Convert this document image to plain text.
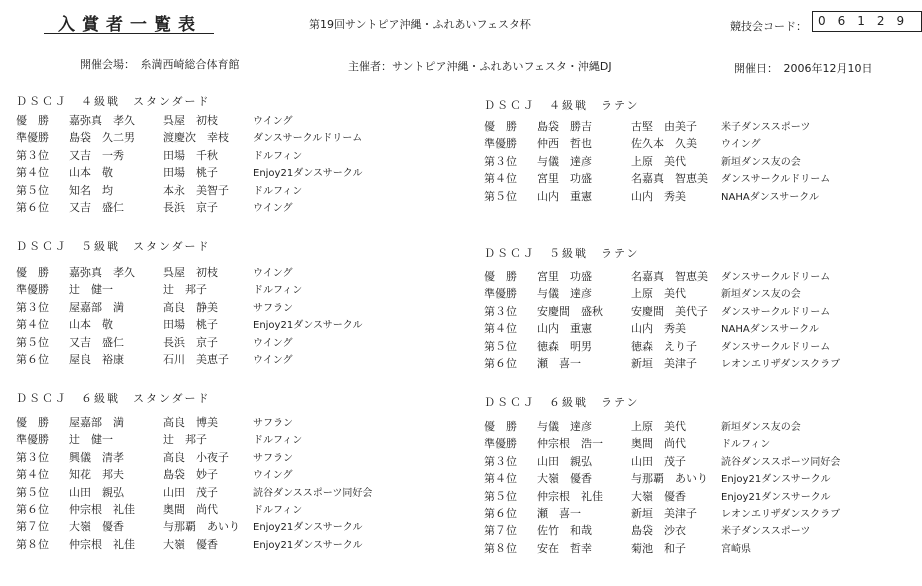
入賞者一覧表	第19回サントピア沖縄・ふれあいフェスタ杯	競技会コード： 06129
開催会場：　糸満西崎総合体育館	主催者：サントピア沖縄・ふれあいフェスタ・沖縄DJ	開催日：　2006年12月10日
ＤＳＣＪ　４級戦　スタンダード
優　勝 嘉弥真　孝久	呉屋　初枝	ウイング
準優勝 島袋　久二男	渡慶次　幸枝 ダンスサークルドリーム
第３位 又吉　一秀	田場　千秋	ドルフィン
第４位 山本　敬	田場　桃子	Enjoy21ダンスサークル
第５位 知名　均	本永　美智子 ドルフィン
第６位 又吉　盛仁	長浜　京子	ウイング
ＤＳＣＪ　５級戦　スタンダード
優　勝 嘉弥真　孝久	呉屋　初枝	ウイング
準優勝 辻　健一	辻　邦子	ドルフィン
第３位 屋嘉部　満	高良　静美	サフラン
第４位 山本　敬	田場　桃子	Enjoy21ダンスサークル
第５位 又吉　盛仁	長浜　京子	ウイング
第６位 屋良　裕康	石川　美恵子 ウイング
ＤＳＣＪ　６級戦　スタンダード
優　勝 屋嘉部　満	高良　博美	サフラン
準優勝 辻　健一	辻　邦子	ドルフィン
第３位 興儀　清孝	高良　小夜子 サフラン
第４位 知花　邦夫	島袋　妙子	ウイング
第５位 山田　親弘	山田　茂子	読谷ダンススポーツ同好会
第６位 仲宗根　礼佳	奥間　尚代	ドルフィン
第７位 大嶺　優香	与那覇　あいり Enjoy21ダンスサークル
第８位 仲宗根　礼佳	大嶺　優香	Enjoy21ダンスサークル
ＤＳＣＪ　４級戦　ラテン
優　勝 島袋　勝吉	古堅　由美子 米子ダンススポーツ
準優勝 仲西　哲也	佐久本　久美 ウイング
第３位 与儀　達彦	上原　美代	新垣ダンス友の会
第４位 宮里　功盛	名嘉真　智恵美 ダンスサークルドリーム
第５位 山内　重憲	山内　秀美	NAHAダンスサークル
ＤＳＣＪ　５級戦　ラテン
優　勝 宮里　功盛	名嘉真　智恵美 ダンスサークルドリーム
準優勝 与儀　達彦	上原　美代	新垣ダンス友の会
第３位 安慶間　盛秋	安慶間　美代子 ダンスサークルドリーム
第４位 山内　重憲	山内　秀美	NAHAダンスサークル
第５位 徳森　明男	徳森　えり子 ダンスサークルドリーム
第６位 瀬　喜一	新垣　美津子 レオンエリザダンスクラブ
ＤＳＣＪ　６級戦　ラテン
優　勝 与儀　達彦	上原　美代	新垣ダンス友の会
準優勝 仲宗根　浩一	奥間　尚代	ドルフィン
第３位 山田　親弘	山田　茂子	読谷ダンススポーツ同好会
第４位 大嶺　優香	与那覇　あいり Enjoy21ダンスサークル
第５位 仲宗根　礼佳	大嶺　優香	Enjoy21ダンスサークル
第６位 瀬　喜一	新垣　美津子 レオンエリザダンスクラブ
第７位 佐竹　和哉	島袋　沙衣	米子ダンススポーツ
第８位 安在　哲幸	菊池　和子	宮崎県
